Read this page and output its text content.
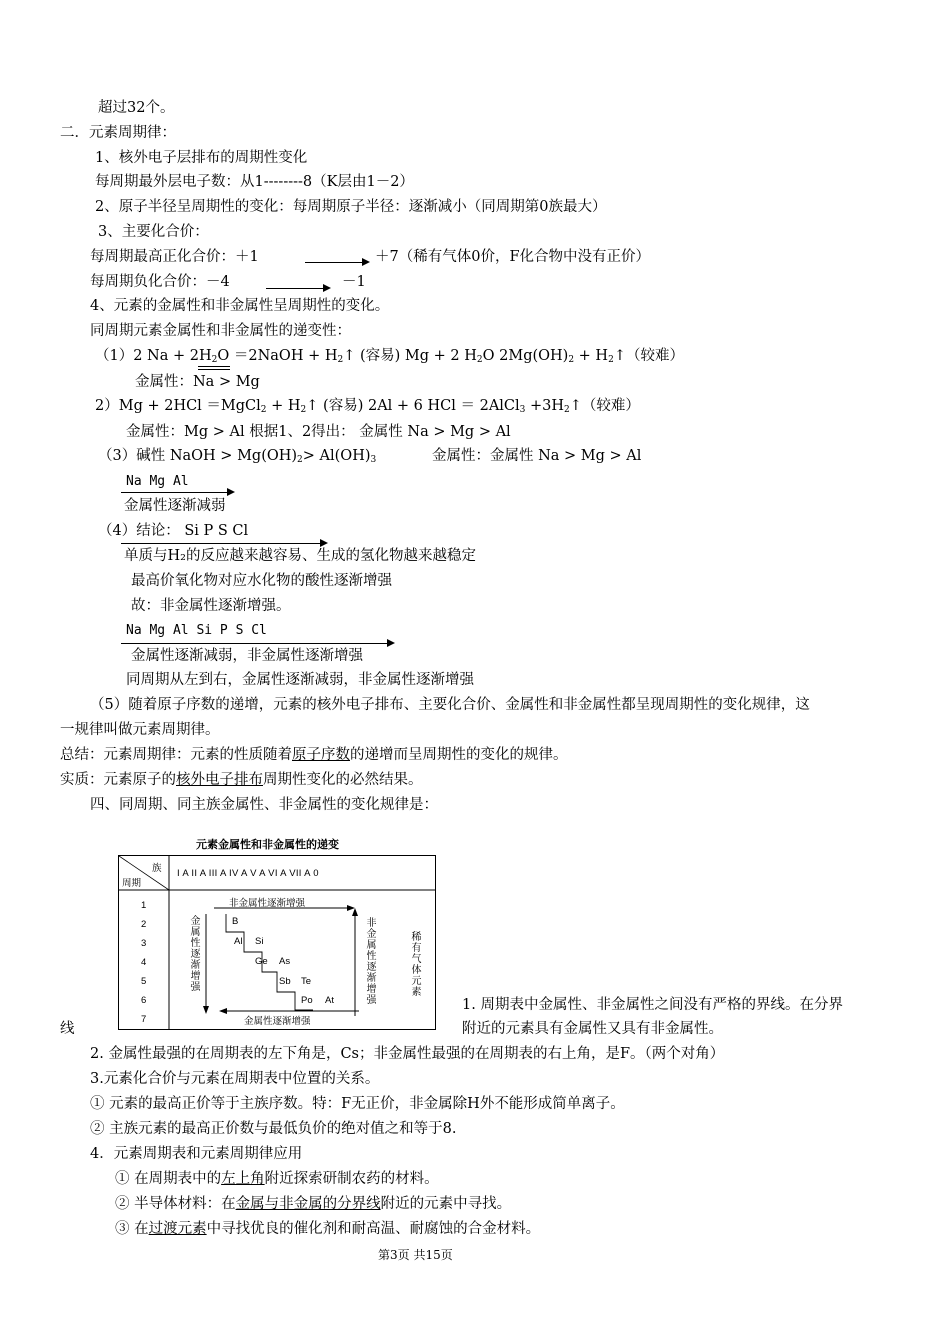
超过32个。
二．元素周期律：
1、核外电子层排布的周期性变化
每周期最外层电子数：从1--------8（K层由1－2）
2、原子半径呈周期性的变化：每周期原子半径：逐渐减小（同周期第0族最大）
3、主要化合价：
每周期最高正化合价：＋1	＋7（稀有气体0价，F化合物中没有正价）
每周期负化合价：－4	－1
4、元素的金属性和非金属性呈周期性的变化。
同周期元素金属性和非金属性的递变性：
（1）2 $Na + 2H_2O$ ＝2NaOH + $H_2↑$ (容易) Mg + 2 $H_2O$ $2Mg(OH)_2$ + $H_2↑$（较难）
金属性：Na > Mg
2）Mg + 2HCl ＝MgCl$_2$ + $H_2↑$ (容易) 2Al + 6 HCl ＝ 2AlCl$_3$ $+3H_2↑$（较难）
金属性：Mg > Al 根据1、2得出： 金属性 Na > Mg > Al
（3）碱性 NaOH > $Mg(OH)_2> Al(OH)_3$	金属性：金属性 Na > Mg > Al
Na Mg Al
金属性逐渐减弱
（4）结论： Si P S Cl
单质与H₂的反应越来越容易、生成的氢化物越来越稳定
最高价氧化物对应水化物的酸性逐渐增强
故：非金属性逐渐增强。
Na Mg Al Si P S Cl
金属性逐渐减弱，非金属性逐渐增强
同周期从左到右，金属性逐渐减弱，非金属性逐渐增强
（5）随着原子序数的递增，元素的核外电子排布、主要化合价、金属性和非金属性都呈现周期性的变化规律，这
一规律叫做元素周期律。
总结：元素周期律：元素的性质随着原子序数的递增而呈周期性的变化的规律。
实质：元素原子的核外电子排布周期性变化的必然结果。
四、同周期、同主族金属性、非金属性的变化规律是：
元素金属性和非金属性的递变
族
周期
I A II A III A IV A V A VI A VII A 0
1
2
3
4
5
6
7
B
Al Si
Ge As
Sb Te
Po At
非金属性逐渐增强
金属性逐渐增强
金属性逐渐增强
非金属性逐渐增强
稀有气体元素
线
1. 周期表中金属性、非金属性之间没有严格的界线。在分界
附近的元素具有金属性又具有非金属性。
2. 金属性最强的在周期表的左下角是，Cs；非金属性最强的在周期表的右上角，是F。（两个对角）
3.元素化合价与元素在周期表中位置的关系。
① 元素的最高正价等于主族序数。特：F无正价，非金属除H外不能形成简单离子。
② 主族元素的最高正价数与最低负价的绝对值之和等于8.
4．元素周期表和元素周期律应用
① 在周期表中的左上角附近探索研制农药的材料。
② 半导体材料：在金属与非金属的分界线附近的元素中寻找。
③ 在过渡元素中寻找优良的催化剂和耐高温、耐腐蚀的合金材料。
第3页 共15页
